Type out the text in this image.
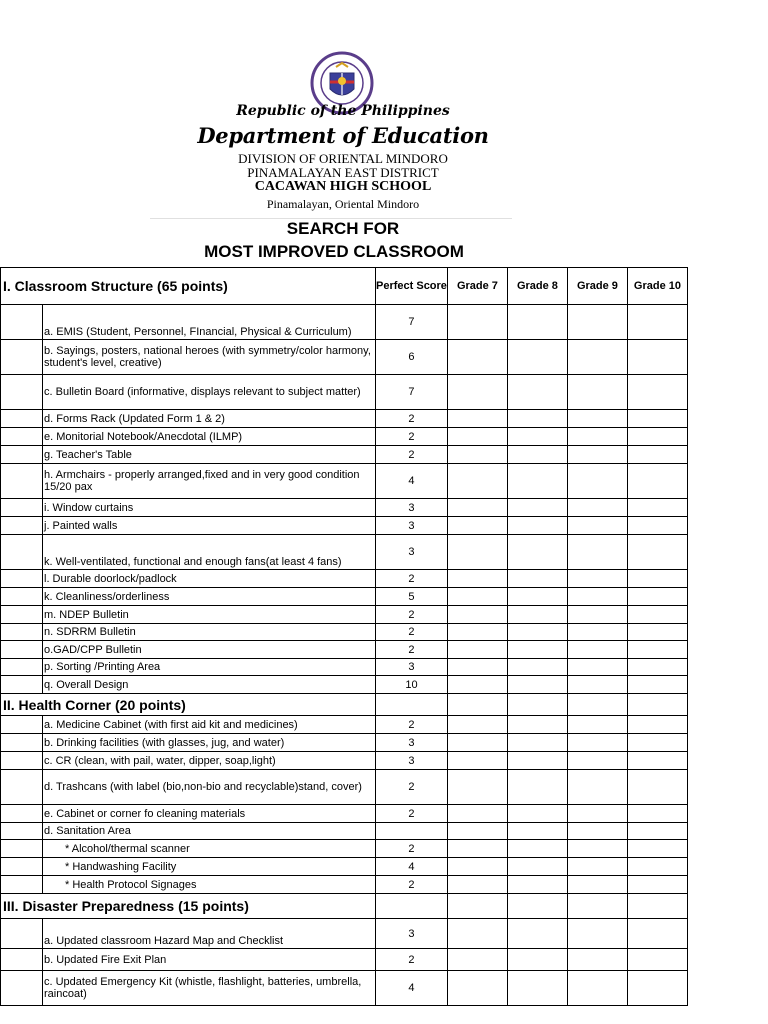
Republic of the Philippines
Department of Education
DIVISION OF ORIENTAL MINDORO
PINAMALAYAN EAST DISTRICT
CACAWAN HIGH SCHOOL
Pinamalayan, Oriental Mindoro
SEARCH FOR
MOST IMPROVED CLASSROOM
I. Classroom Structure (65 points)		Perfect Score	Grade 7	Grade 8	Grade 9	Grade 10
	a. EMIS (Student, Personnel, FInancial, Physical & Curriculum)	7				
	b. Sayings, posters, national heroes (with symmetry/color harmony, student's level, creative)	6				
	c. Bulletin Board (informative, displays relevant to subject matter)	7				
	d. Forms Rack (Updated Form 1 & 2)	2				
	e. Monitorial Notebook/Anecdotal (ILMP)	2				
	g. Teacher's Table	2				
	h. Armchairs - properly arranged,fixed and in very good condition 15/20 pax	4				
	i. Window curtains	3				
	j. Painted walls	3				
	k. Well-ventilated, functional and enough fans(at least 4 fans)	3				
	l. Durable doorlock/padlock	2				
	k. Cleanliness/orderliness	5				
	m. NDEP Bulletin	2				
	n. SDRRM Bulletin	2				
	o.GAD/CPP Bulletin	2				
	p. Sorting /Printing Area	3				
	q. Overall Design	10				

II. Health Corner (20 points)						

	a. Medicine Cabinet (with first aid kit and medicines)	2				
	b. Drinking facilities (with glasses, jug, and water)	3				
	c. CR (clean, with pail, water, dipper, soap,light)	3				
	d. Trashcans (with label (bio,non-bio and recyclable)stand, cover)	2				
	e. Cabinet or corner fo cleaning materials	2				
	d. Sanitation Area					
	* Alcohol/thermal scanner	2				
	* Handwashing Facility	4				
	* Health Protocol Signages	2				

III. Disaster Preparedness (15 points)						

	a. Updated classroom Hazard Map and Checklist	3				
	b. Updated Fire Exit Plan	2				
	c. Updated Emergency Kit (whistle, flashlight, batteries, umbrella, raincoat)	4				
